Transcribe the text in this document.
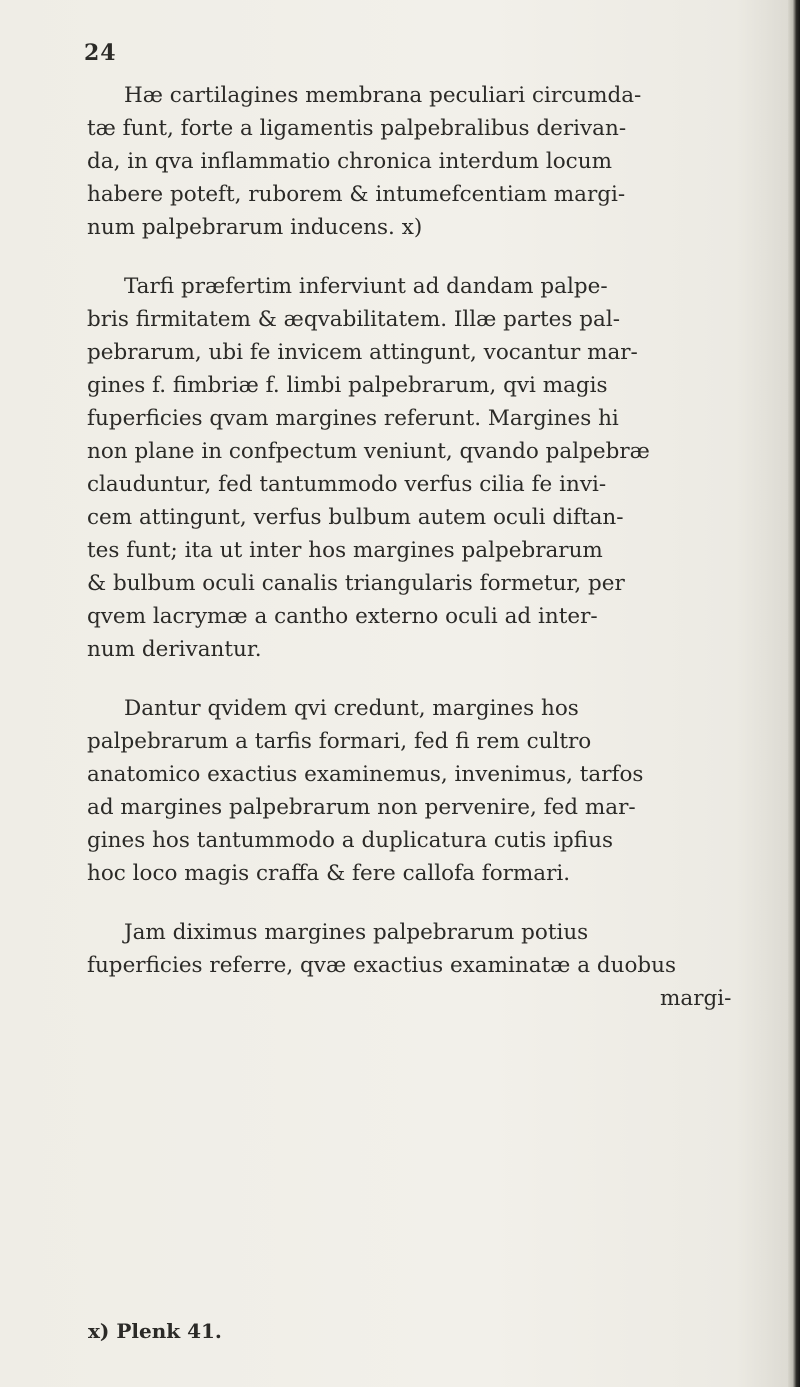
24
Hæ cartilagines membrana peculiari circumda-
tæ funt, forte a ligamentis palpebralibus derivan-
da, in qva inflammatio chronica interdum locum
habere poteft, ruborem & intumefcentiam margi-
num palpebrarum inducens. x)
Tarfi præfertim inferviunt ad dandam palpe-
bris firmitatem & æqvabilitatem. Illæ partes pal-
pebrarum, ubi fe invicem attingunt, vocantur mar-
gines f. fimbriæ f. limbi palpebrarum, qvi magis
fuperficies qvam margines referunt. Margines hi
non plane in confpectum veniunt, qvando palpebræ
clauduntur, fed tantummodo verfus cilia fe invi-
cem attingunt, verfus bulbum autem oculi diftan-
tes funt; ita ut inter hos margines palpebrarum
& bulbum oculi canalis triangularis formetur, per
qvem lacrymæ a cantho externo oculi ad inter-
num derivantur.
Dantur qvidem qvi credunt, margines hos
palpebrarum a tarfis formari, fed fi rem cultro
anatomico exactius examinemus, invenimus, tarfos
ad margines palpebrarum non pervenire, fed mar-
gines hos tantummodo a duplicatura cutis ipfius
hoc loco magis craffa & fere callofa formari.
Jam diximus margines palpebrarum potius
fuperficies referre, qvæ exactius examinatæ a duobus
margi-
x) Plenk 41.
